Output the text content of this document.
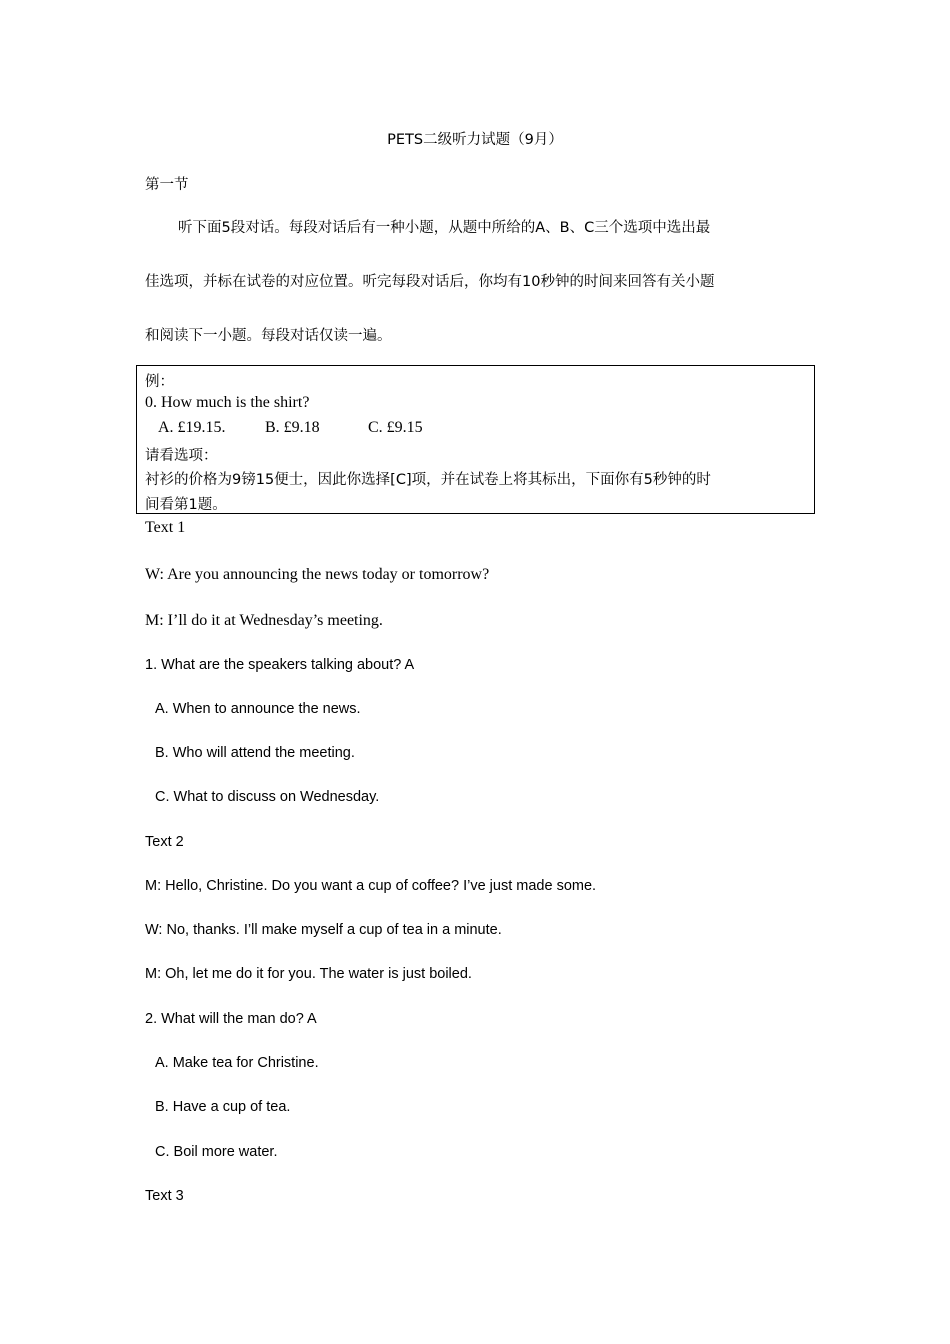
PETS二级听力试题（9月）
第一节
听下面5段对话。每段对话后有一种小题，从题中所给的A、B、C三个选项中选出最
佳选项，并标在试卷的对应位置。听完每段对话后，你均有10秒钟的时间来回答有关小题
和阅读下一小题。每段对话仅读一遍。
例：
0. How much is the shirt?
A. £19.15. B. £9.18	C. £9.15
请看选项：
衬衫的价格为9镑15便士，因此你选择[C]项，并在试卷上将其标出，下面你有5秒钟的时
间看第1题。
Text 1
W: Are you announcing the news today or tomorrow?
M: I’ll do it at Wednesday’s meeting.
1. What are the speakers talking about? A
A. When to announce the news.
B. Who will attend the meeting.
C. What to discuss on Wednesday.
Text 2
M: Hello, Christine. Do you want a cup of coffee? I’ve just made some.
W: No, thanks. I’ll make myself a cup of tea in a minute.
M: Oh, let me do it for you. The water is just boiled.
2. What will the man do? A
A. Make tea for Christine.
B. Have a cup of tea.
C. Boil more water.
Text 3
